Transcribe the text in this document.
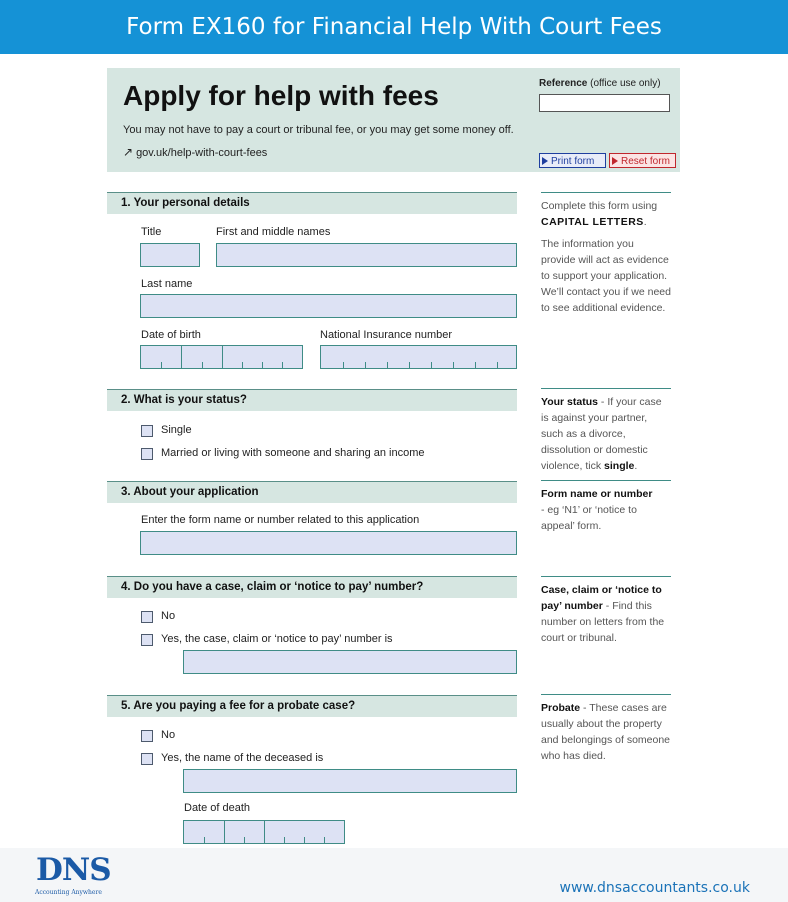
Form EX160 for Financial Help With Court Fees
Apply for help with fees
You may not have to pay a court or tribunal fee, or you may get some money off.
↗ gov.uk/help-with-court-fees
Reference (office use only)
Print form	Reset form
1. Your personal details
Title	First and middle names
Last name
Date of birth	National Insurance number
2. What is your status?
Single
Married or living with someone and sharing an income
3. About your application
Enter the form name or number related to this application
4. Do you have a case, claim or ‘notice to pay’ number?
No
Yes, the case, claim or ‘notice to pay’ number is
5. Are you paying a fee for a probate case?
No
Yes, the name of the deceased is
Date of death
Complete this form using
CAPITAL LETTERS.
The information you provide will act as evidence to support your application. We’ll contact you if we need to see additional evidence.
Your status - If your case is against your partner, such as a divorce, dissolution or domestic violence, tick single.
Form name or number
- eg ‘N1’ or ‘notice to appeal’ form.
Case, claim or ‘notice to pay’ number - Find this number on letters from the court or tribunal.
Probate - These cases are usually about the property and belongings of someone who has died.
DNS
Accounting Anywhere	www.dnsaccountants.co.uk
